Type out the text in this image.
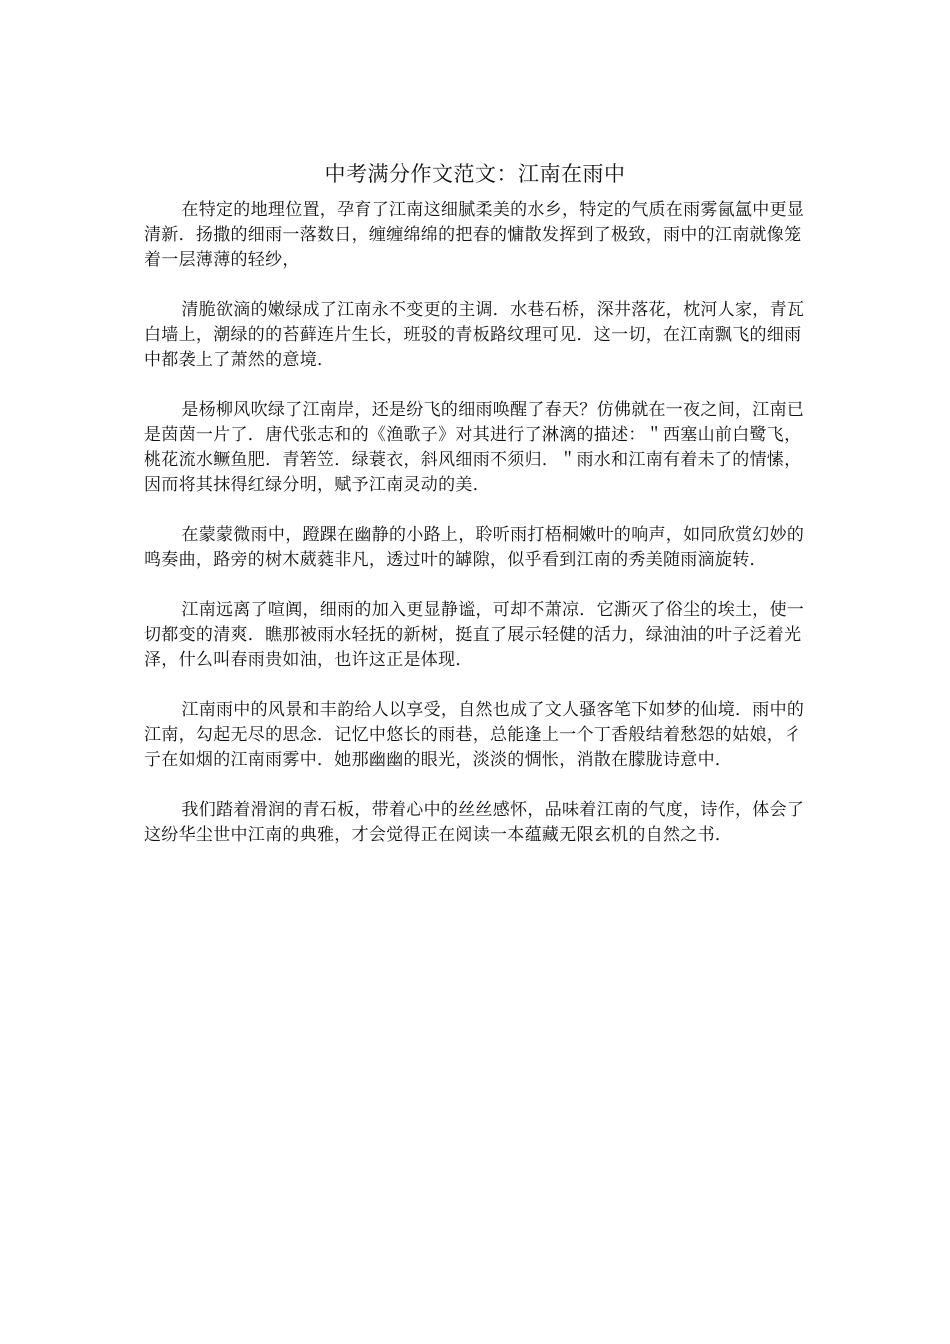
中考满分作文范文：江南在雨中

在特定的地理位置，孕育了江南这细腻柔美的水乡，特定的气质在雨雾氤氲中更显清新．扬撒的细雨一落数日，缠缠绵绵的把春的慵散发挥到了极致，雨中的江南就像笼着一层薄薄的轻纱，

清脆欲滴的嫩绿成了江南永不变更的主调．水巷石桥，深井落花，枕河人家，青瓦白墙上，潮绿的的苔藓连片生长，班驳的青板路纹理可见．这一切，在江南飘飞的细雨中都袭上了萧然的意境．

是杨柳风吹绿了江南岸，还是纷飞的细雨唤醒了春天？仿佛就在一夜之间，江南已是茵茵一片了．唐代张志和的《渔歌子》对其进行了淋漓的描述：＂西塞山前白鹭飞，桃花流水鳜鱼肥．青箬笠．绿蓑衣，斜风细雨不须归．＂雨水和江南有着未了的情愫，因而将其抹得红绿分明，赋予江南灵动的美．

在蒙蒙微雨中，蹬踝在幽静的小路上，聆听雨打梧桐嫩叶的响声，如同欣赏幻妙的鸣奏曲，路旁的树木葳蕤非凡，透过叶的罅隙，似乎看到江南的秀美随雨滴旋转．

江南远离了喧阗，细雨的加入更显静谧，可却不萧凉．它澌灭了俗尘的埃土，使一切都变的清爽．瞧那被雨水轻抚的新树，挺直了展示轻健的活力，绿油油的叶子泛着光泽，什么叫春雨贵如油，也许这正是体现．

江南雨中的风景和丰韵给人以享受，自然也成了文人骚客笔下如梦的仙境．雨中的江南，勾起无尽的思念．记忆中悠长的雨巷，总能逢上一个丁香般结着愁怨的姑娘，彳亍在如烟的江南雨雾中．她那幽幽的眼光，淡淡的惆怅，消散在朦胧诗意中．

我们踏着滑润的青石板，带着心中的丝丝感怀，品味着江南的气度，诗作，体会了这纷华尘世中江南的典雅，才会觉得正在阅读一本蕴藏无限玄机的自然之书．
